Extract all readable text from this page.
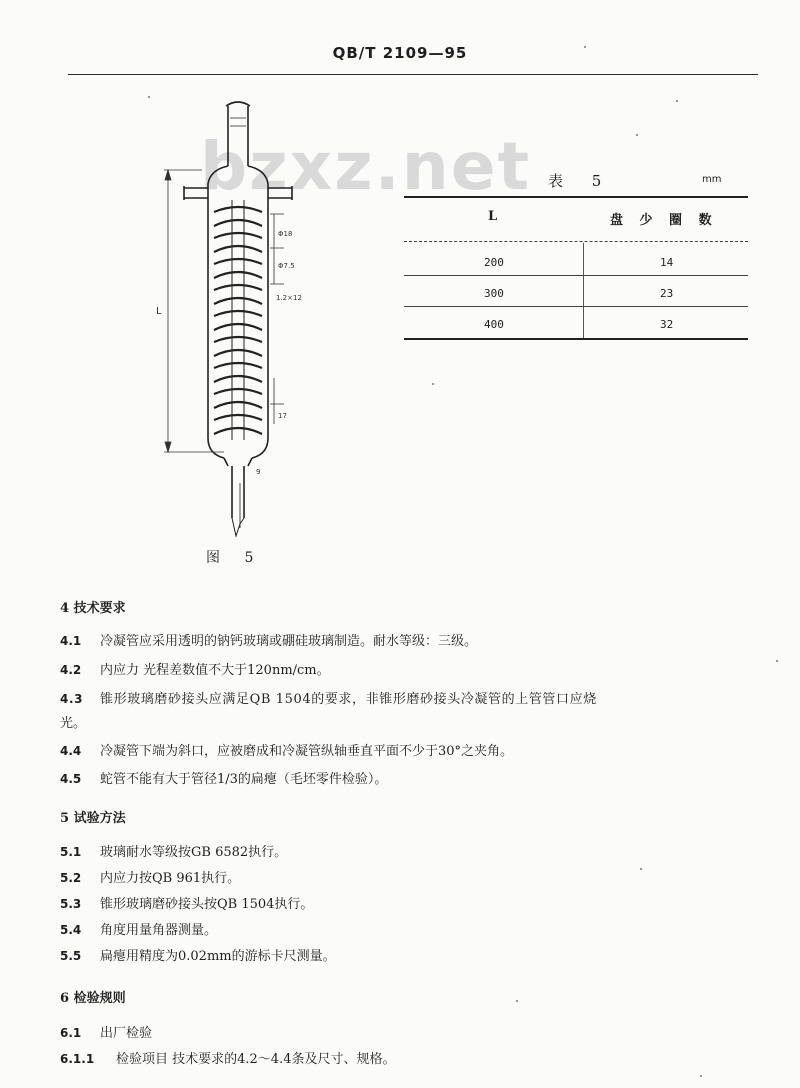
QB/T 2109—95
bzxz.net
L
Φ18
Φ7.5
1.2×12
17
9
图 5
表 5	mm
L	盘 少 圈 数
200	14
300	23
400	32
4 技术要求
4.1 冷凝管应采用透明的钠钙玻璃或硼硅玻璃制造。耐水等级：三级。
4.2 内应力 光程差数值不大于120nm/cm。
4.3 锥形玻璃磨砂接头应满足QB 1504的要求，非锥形磨砂接头冷凝管的上管管口应烧
光。
4.4 冷凝管下端为斜口，应被磨成和冷凝管纵轴垂直平面不少于30°之夹角。
4.5 蛇管不能有大于管径1/3的扁瘪（毛坯零件检验）。
5 试验方法
5.1 玻璃耐水等级按GB 6582执行。
5.2 内应力按QB 961执行。
5.3 锥形玻璃磨砂接头按QB 1504执行。
5.4 角度用量角器测量。
5.5 扁瘪用精度为0.02mm的游标卡尺测量。
6 检验规则
6.1 出厂检验
6.1.1 检验项目 技术要求的4.2～4.4条及尺寸、规格。
